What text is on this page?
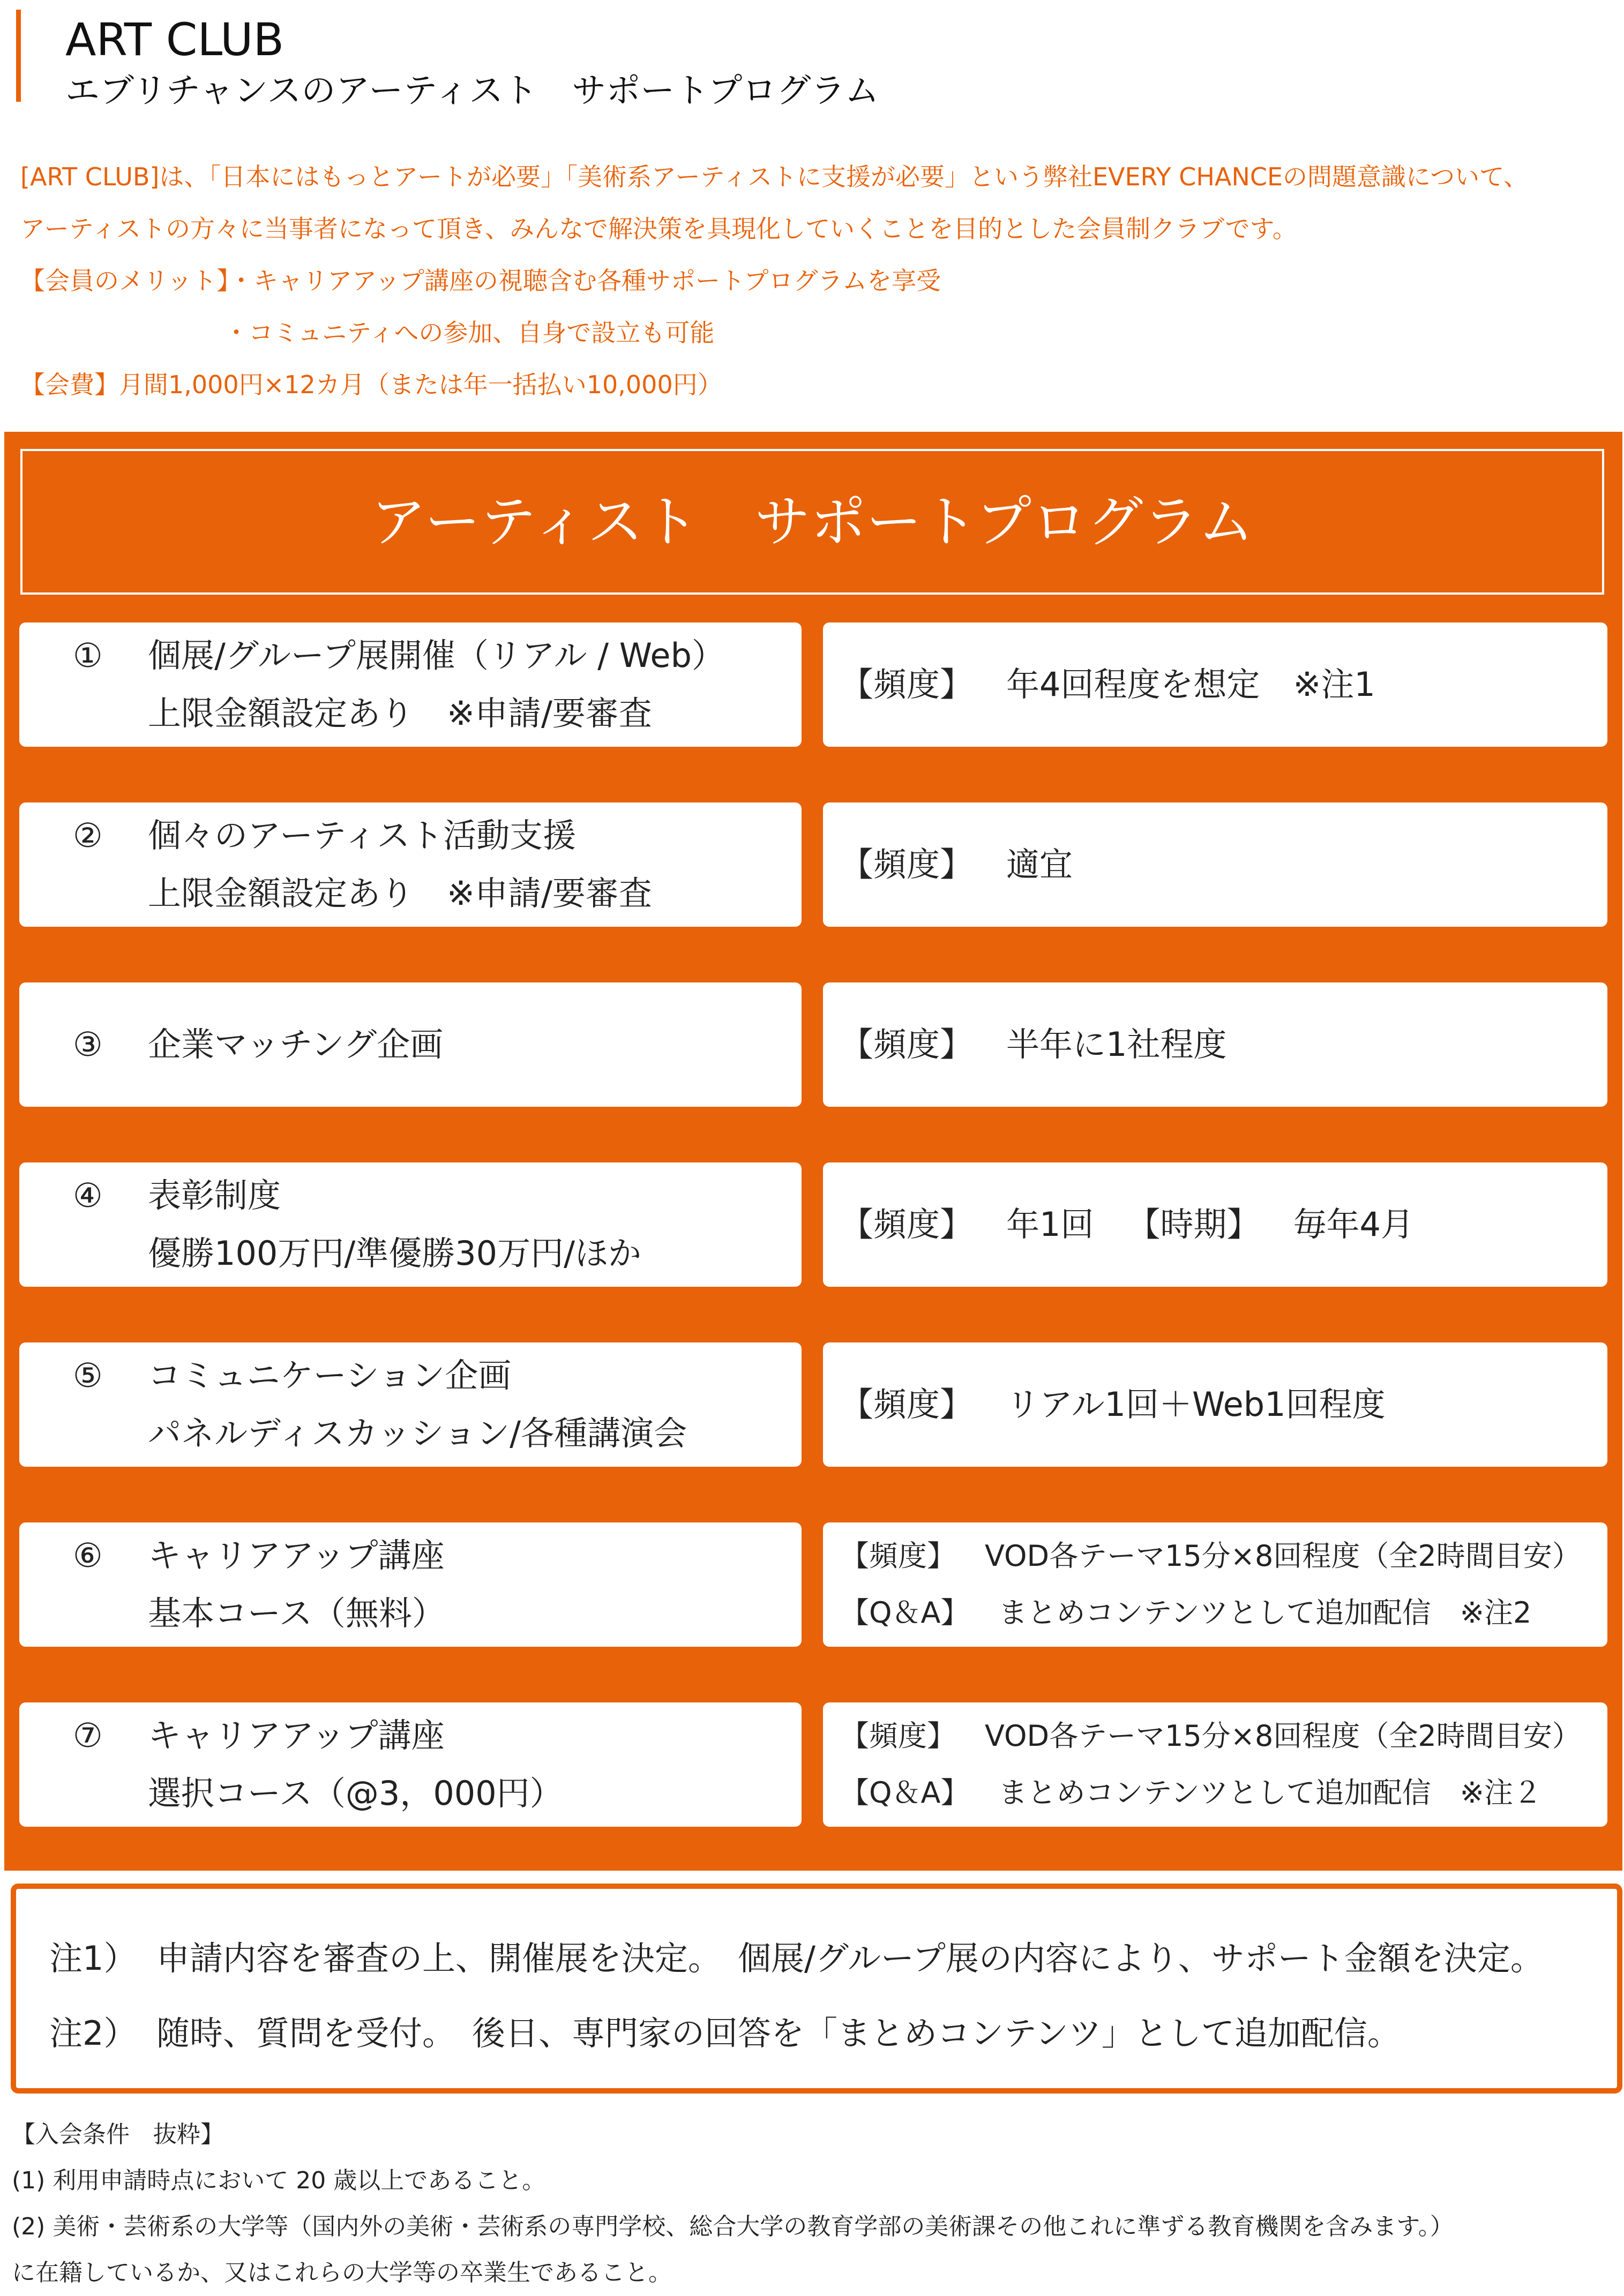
ART CLUB
エブリチャンスのアーティスト　サポートプログラム
[ART CLUB]は、「日本にはもっとアートが必要」「美術系アーティストに支援が必要」という弊社EVERY CHANCEの問題意識について、
アーティストの方々に当事者になって頂き、みんなで解決策を具現化していくことを目的とした会員制クラブです。
【会員のメリット】・キャリアアップ講座の視聴含む各種サポートプログラムを享受
・コミュニティへの参加、自身で設立も可能
【会費】月間1,000円×12カ月（または年一括払い10,000円）
アーティスト　サポートプログラム
① 個展/グループ展開催（リアル / Web）
上限金額設定あり　※申請/要審査
【頻度】 年4回程度を想定　※注1
② 個々のアーティスト活動支援
上限金額設定あり　※申請/要審査
【頻度】 適宜
③ 企業マッチング企画	【頻度】 半年に1社程度
④ 表彰制度
優勝100万円/準優勝30万円/ほか
【頻度】 年1回 【時期】 毎年4月
⑤ コミュニケーション企画
パネルディスカッション/各種講演会
【頻度】 リアル1回＋Web1回程度
⑥ キャリアアップ講座
基本コース（無料）
【頻度】 VOD各テーマ15分×8回程度（全2時間目安）
【Q＆A】 まとめコンテンツとして追加配信　※注2
⑦ キャリアアップ講座
選択コース（@3，000円）
【頻度】 VOD各テーマ15分×8回程度（全2時間目安）
【Q＆A】 まとめコンテンツとして追加配信　※注２
注1） 申請内容を審査の上、開催展を決定。　個展/グループ展の内容により、サポート金額を決定。
注2） 随時、質問を受付。　後日、専門家の回答を「まとめコンテンツ」として追加配信。
【入会条件　抜粋】
(1) 利用申請時点において 20 歳以上であること。
(2) 美術・芸術系の大学等（国内外の美術・芸術系の専門学校、総合大学の教育学部の美術課その他これに準ずる教育機関を含みます。）
に在籍しているか、又はこれらの大学等の卒業生であること。
